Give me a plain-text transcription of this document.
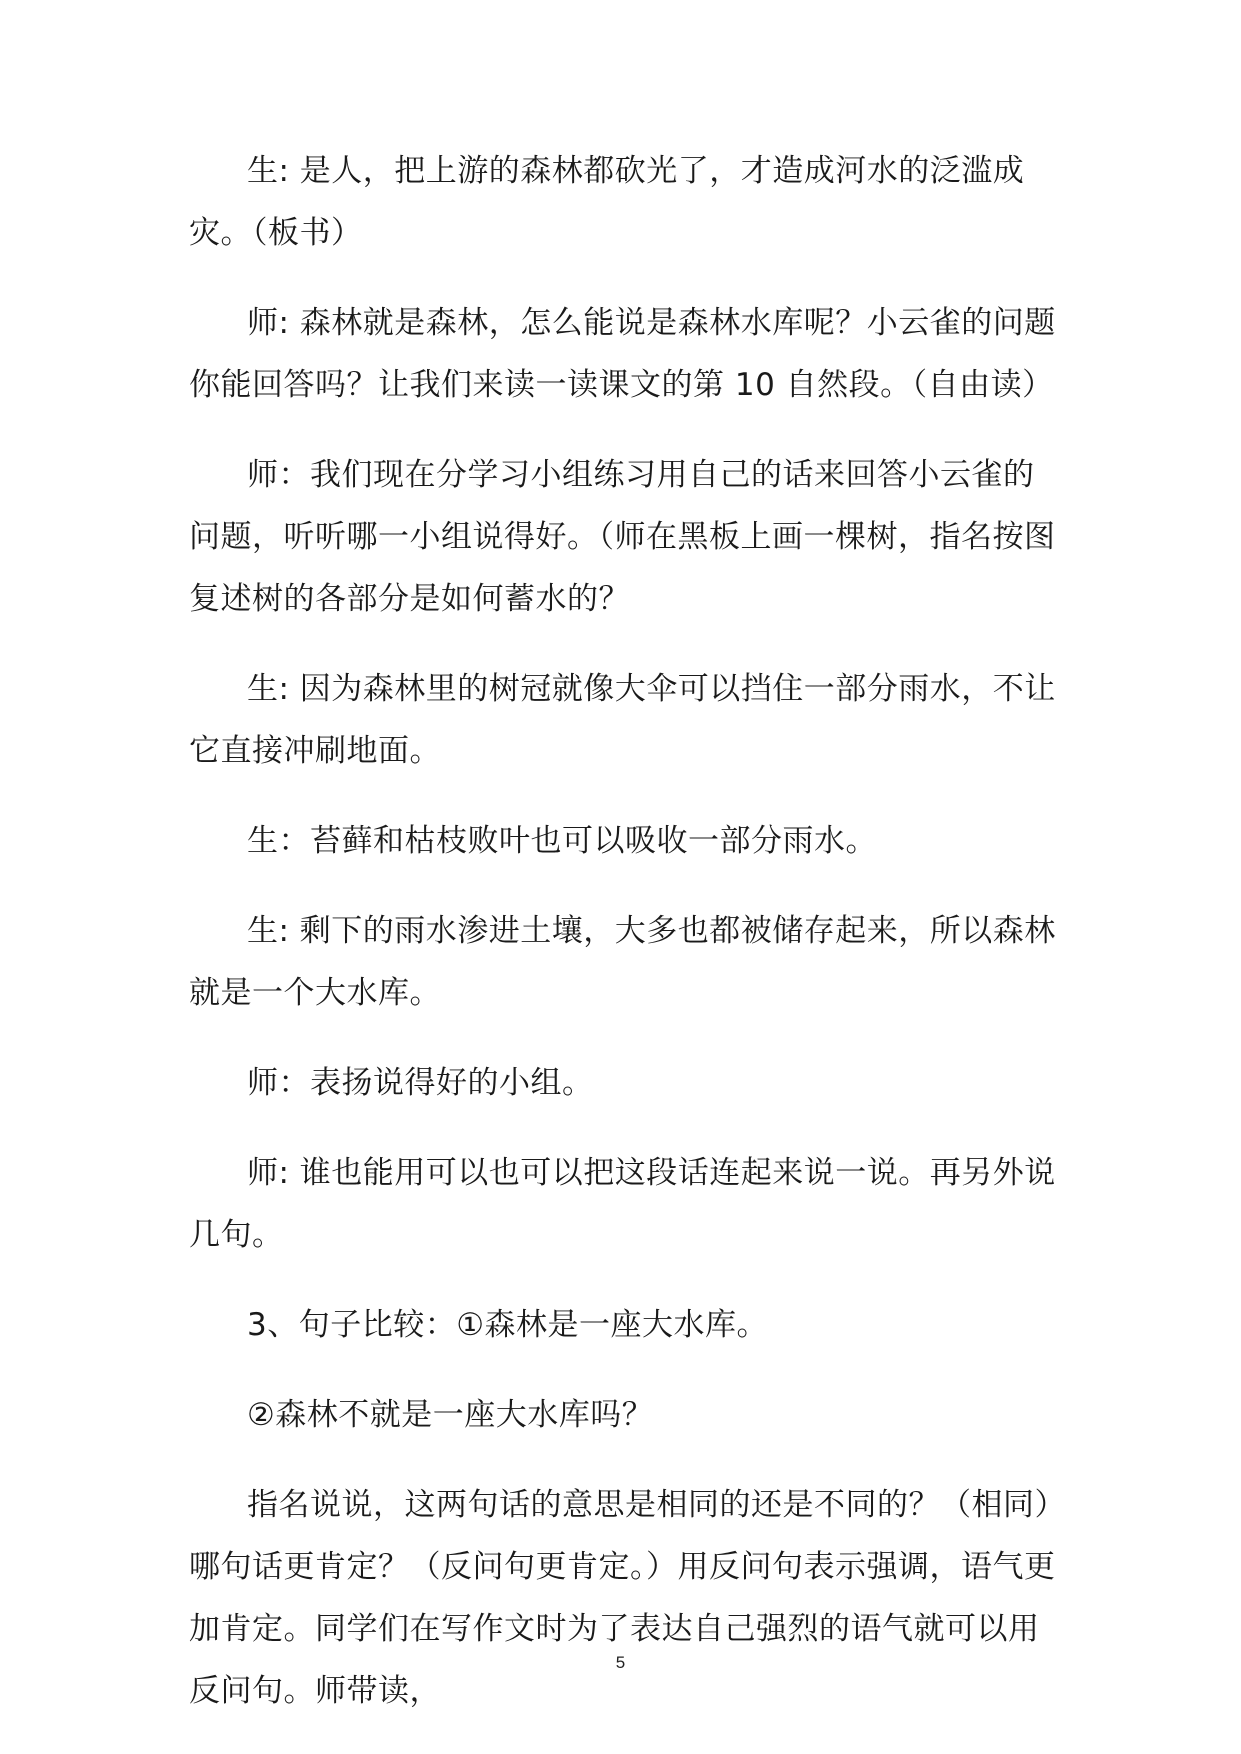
生: 是人，把上游的森林都砍光了，才造成河水的泛滥成灾。（板书）

师: 森林就是森林，怎么能说是森林水库呢？小云雀的问题你能回答吗？让我们来读一读课文的第 10 自然段。（自由读）

师：我们现在分学习小组练习用自己的话来回答小云雀的问题，听听哪一小组说得好。（师在黑板上画一棵树，指名按图复述树的各部分是如何蓄水的？

生: 因为森林里的树冠就像大伞可以挡住一部分雨水，不让它直接冲刷地面。

生：苔藓和枯枝败叶也可以吸收一部分雨水。

生: 剩下的雨水渗进土壤，大多也都被储存起来，所以森林就是一个大水库。

师：表扬说得好的小组。

师: 谁也能用可以也可以把这段话连起来说一说。再另外说几句。

3、句子比较：①森林是一座大水库。

②森林不就是一座大水库吗？

指名说说，这两句话的意思是相同的还是不同的？（相同）哪句话更肯定？（反问句更肯定。）用反问句表示强调，语气更加肯定。同学们在写作文时为了表达自己强烈的语气就可以用反问句。师带读，

5
